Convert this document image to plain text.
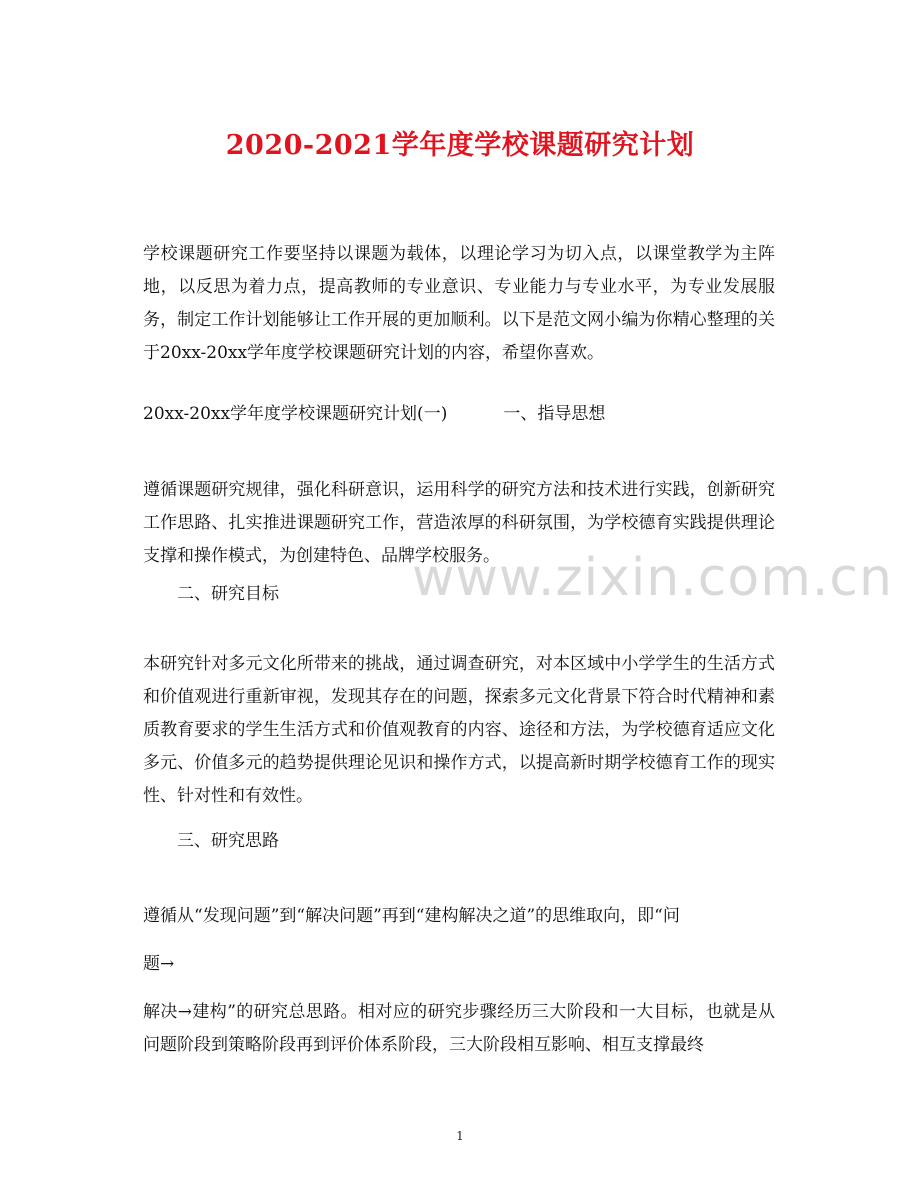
www.zixin.com.cn
2020-2021学年度学校课题研究计划

学校课题研究工作要坚持以课题为载体，以理论学习为切入点，以课堂教学为主阵地，以反思为着力点，提高教师的专业意识、专业能力与专业水平，为专业发展服务，制定工作计划能够让工作开展的更加顺利。以下是范文网小编为你精心整理的关于20xx-20xx学年度学校课题研究计划的内容，希望你喜欢。

20xx-20xx学年度学校课题研究计划(一)	一、指导思想

遵循课题研究规律，强化科研意识，运用科学的研究方法和技术进行实践，创新研究工作思路、扎实推进课题研究工作，营造浓厚的科研氛围，为学校德育实践提供理论支撑和操作模式，为创建特色、品牌学校服务。

二、研究目标

本研究针对多元文化所带来的挑战，通过调查研究，对本区域中小学学生的生活方式和价值观进行重新审视，发现其存在的问题，探索多元文化背景下符合时代精神和素质教育要求的学生生活方式和价值观教育的内容、途径和方法，为学校德育适应文化多元、价值多元的趋势提供理论见识和操作方式，以提高新时期学校德育工作的现实性、针对性和有效性。

三、研究思路

遵循从“发现问题”到“解决问题”再到“建构解决之道”的思维取向，即“问

题→

解决→建构”的研究总思路。相对应的研究步骤经历三大阶段和一大目标，也就是从问题阶段到策略阶段再到评价体系阶段，三大阶段相互影响、相互支撑最终

1
